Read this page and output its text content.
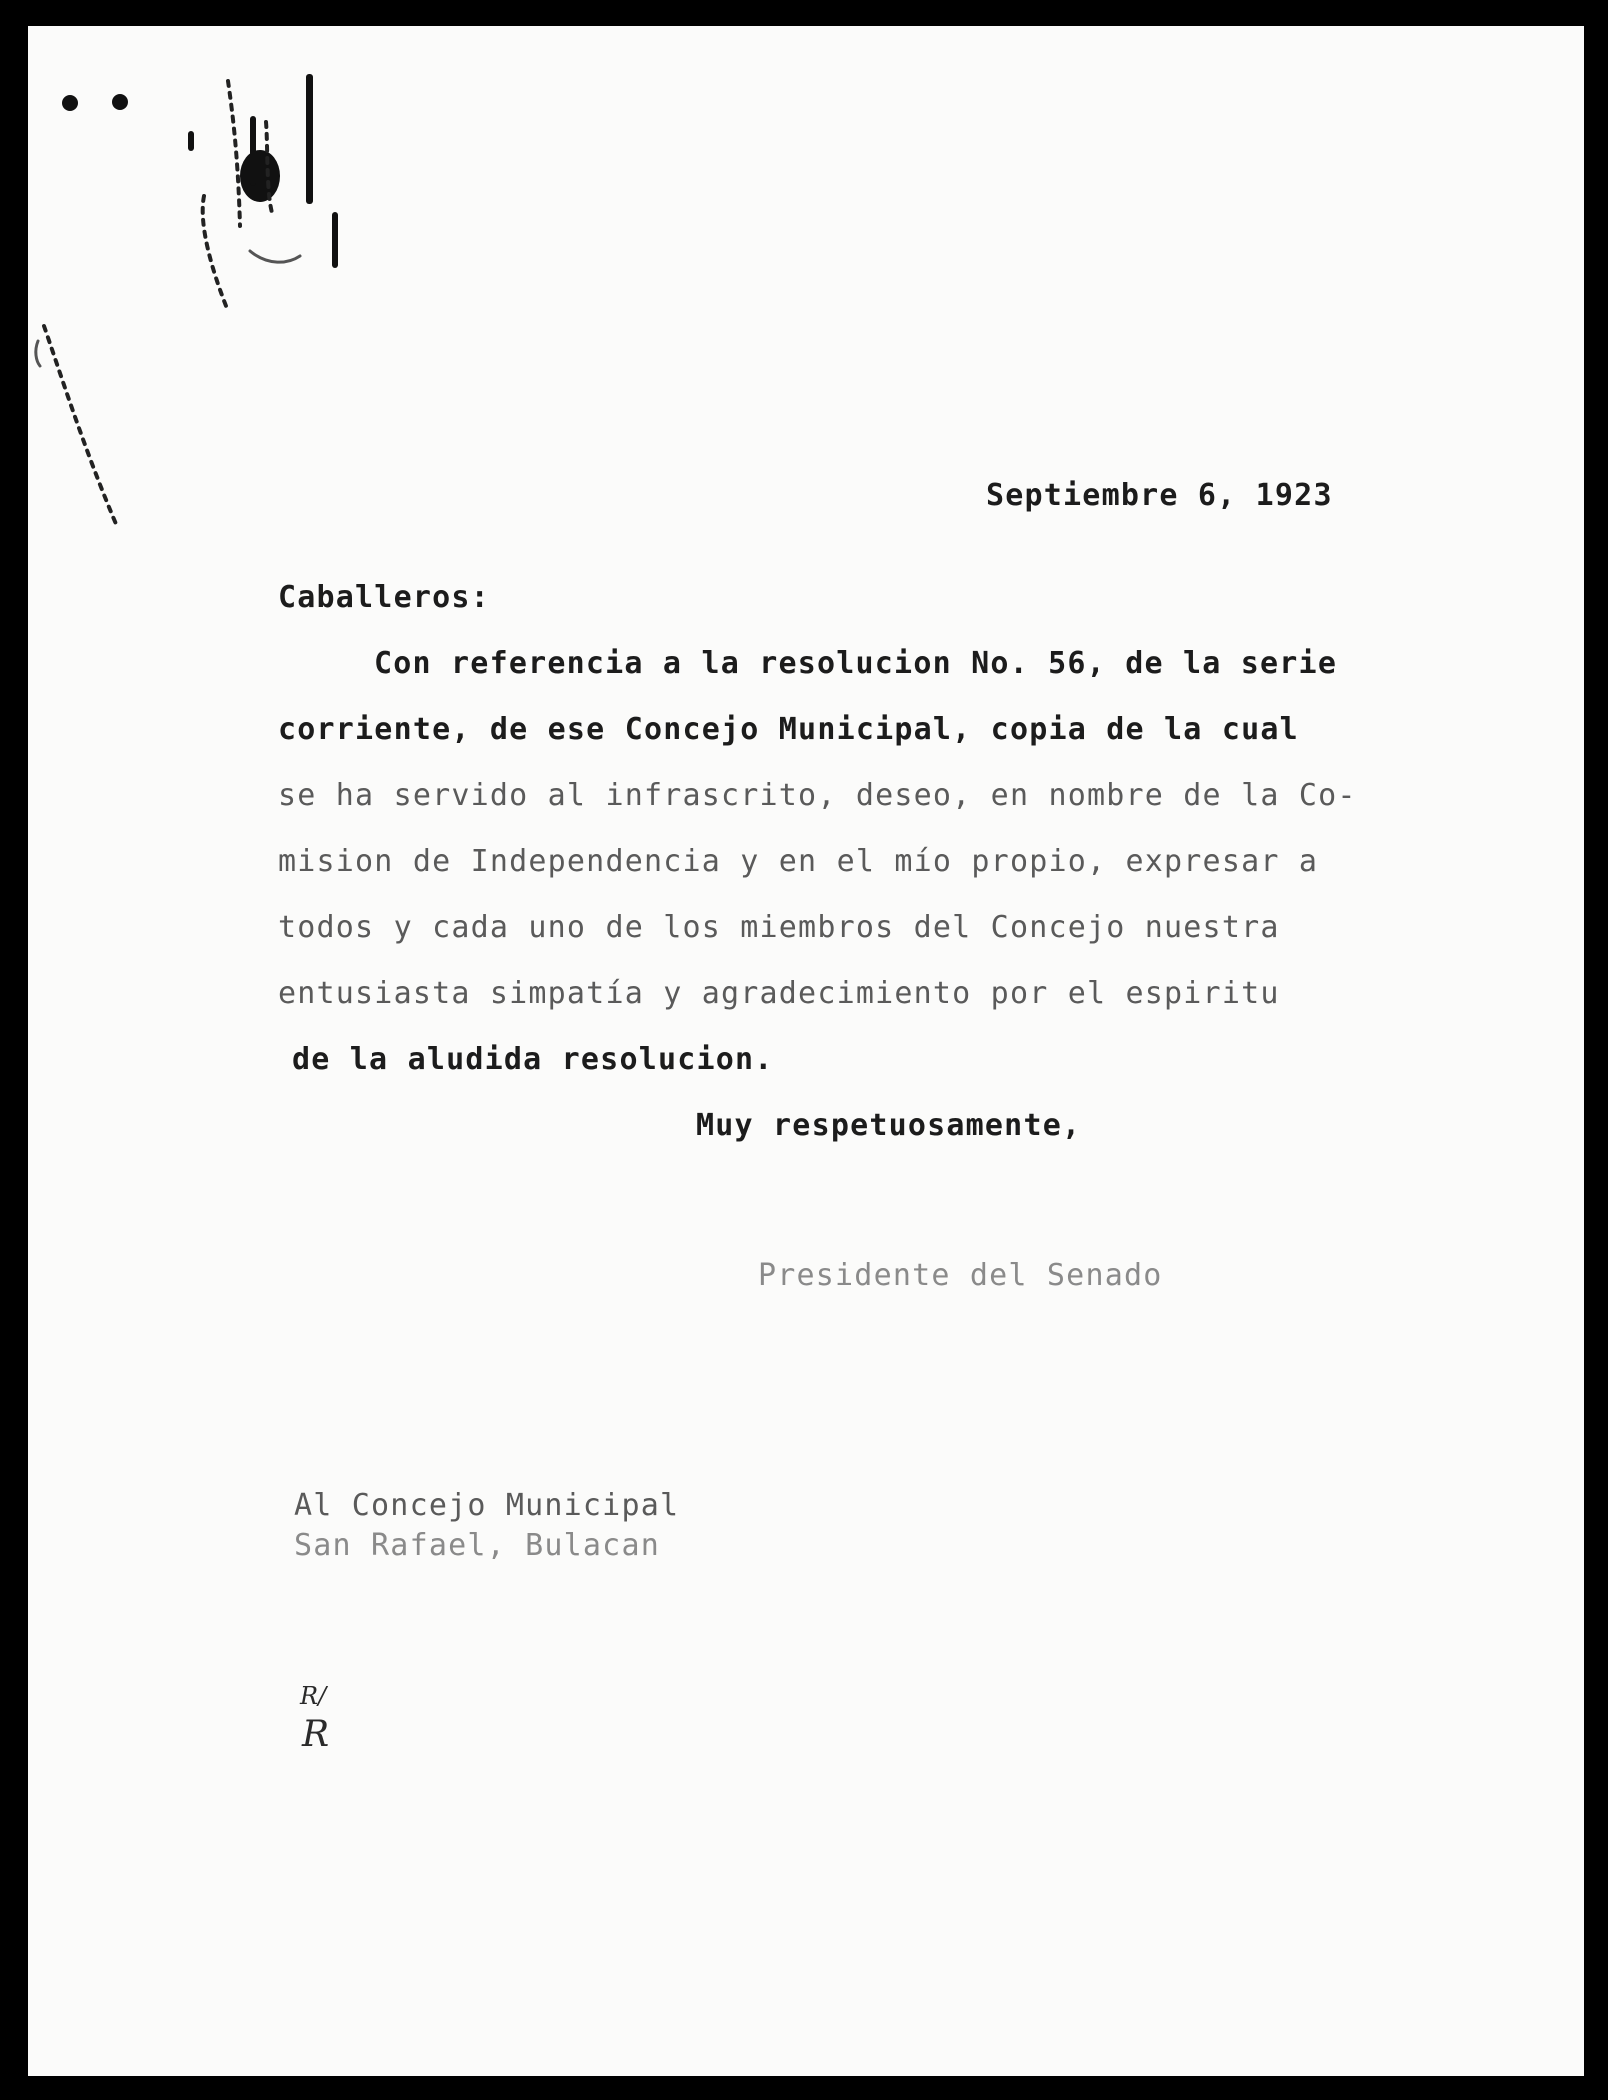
Septiembre 6, 1923

Caballeros:

Con referencia a la resolucion No. 56, de la serie

corriente, de ese Concejo Municipal, copia de la cual

se ha servido al infrascrito, deseo, en nombre de la Co-

mision de Independencia y en el mío propio, expresar a

todos y cada uno de los miembros del Concejo nuestra

entusiasta simpatía y agradecimiento por el espiritu

de la aludida resolucion.

Muy respetuosamente,

Presidente del Senado

Al Concejo Municipal

San Rafael, Bulacan

R/
R
